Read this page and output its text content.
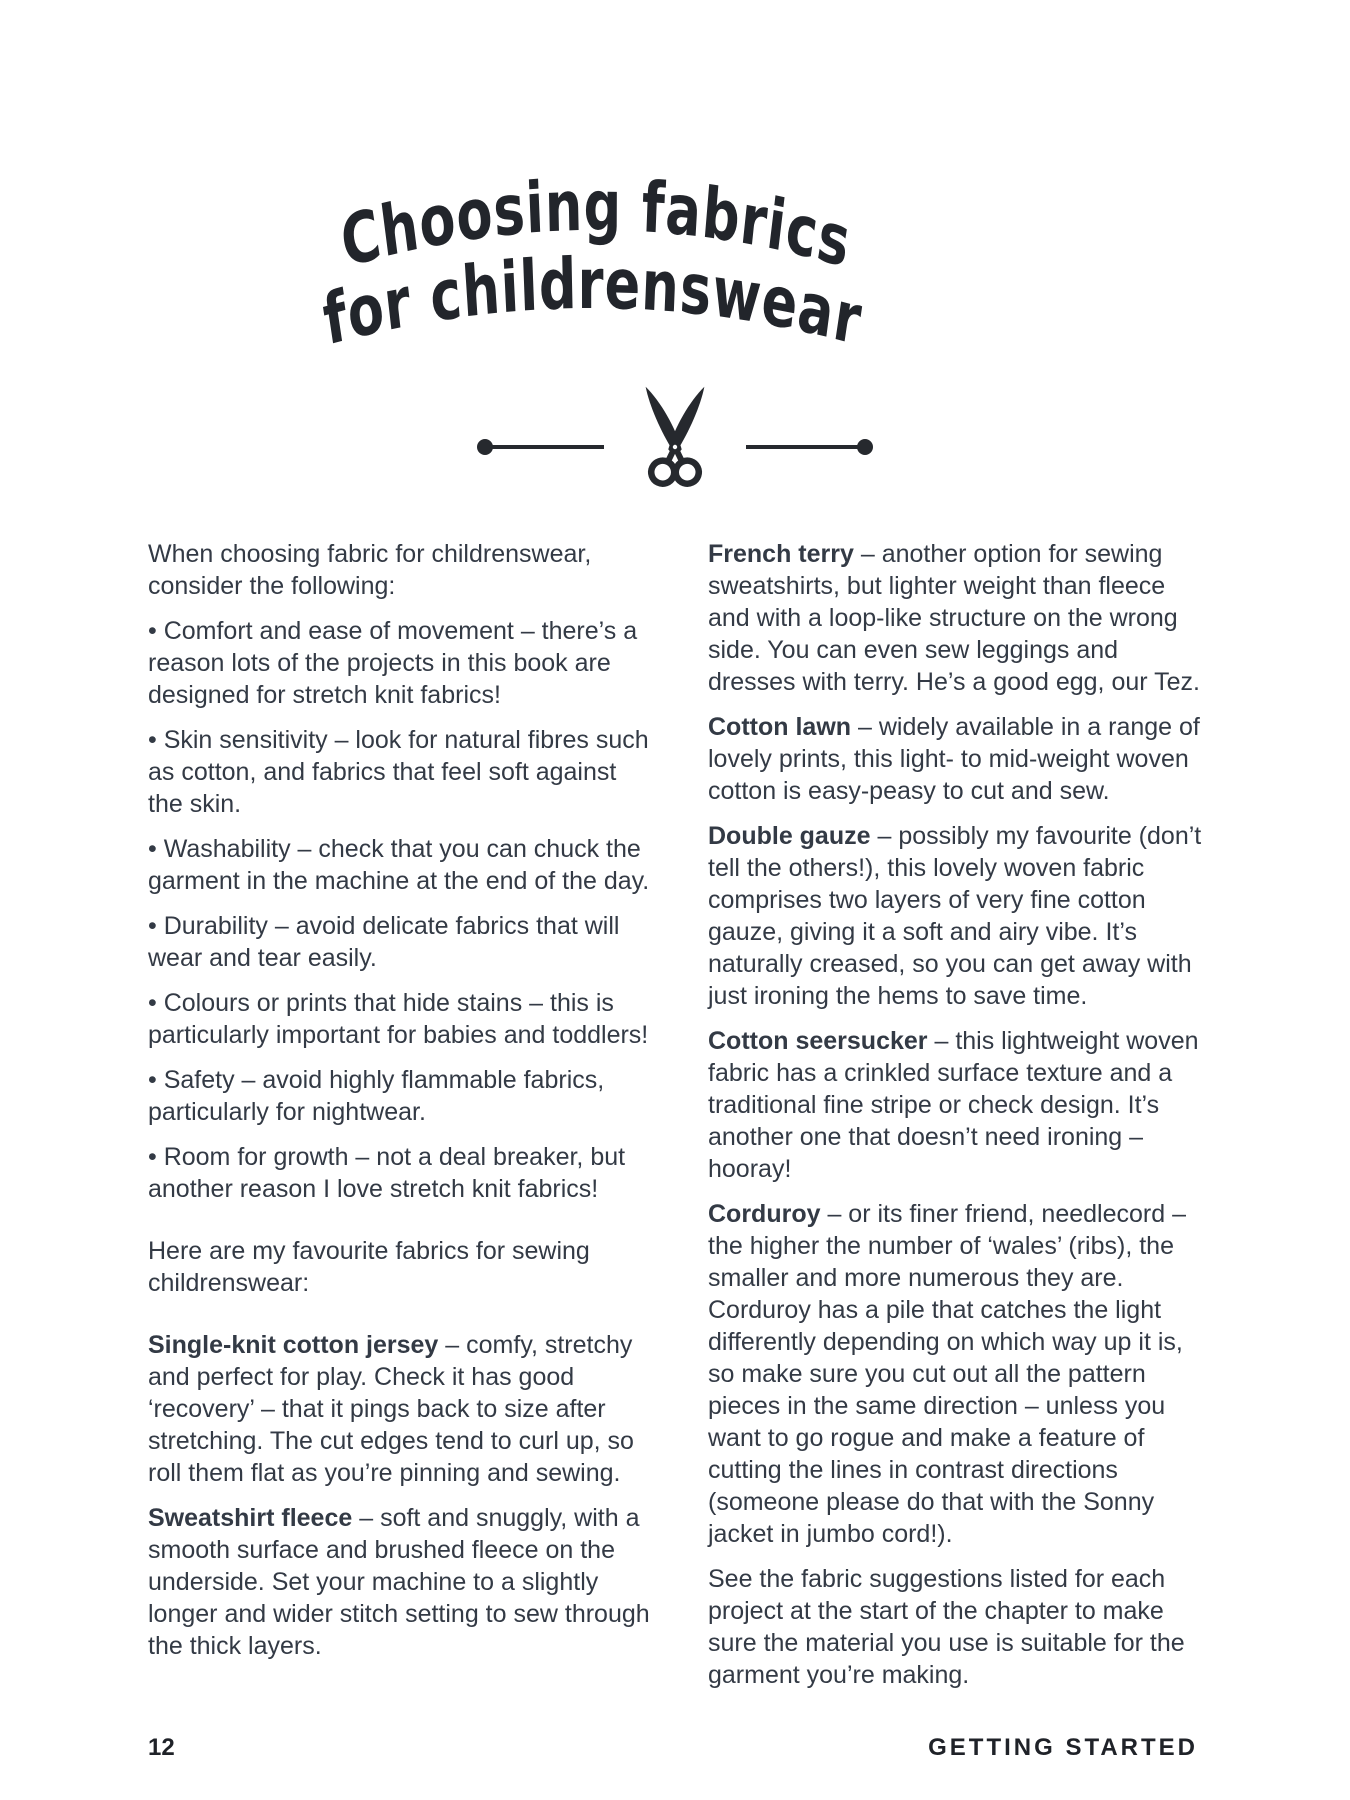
Choosing fabrics
for childrenswear

When choosing fabric for childrenswear, consider the following:

• Comfort and ease of movement – there’s a reason lots of the projects in this book are designed for stretch knit fabrics!

• Skin sensitivity – look for natural fibres such as cotton, and fabrics that feel soft against the skin.

• Washability – check that you can chuck the garment in the machine at the end of the day.

• Durability – avoid delicate fabrics that will wear and tear easily.

• Colours or prints that hide stains – this is particularly important for babies and toddlers!

• Safety – avoid highly flammable fabrics, particularly for nightwear.

• Room for growth – not a deal breaker, but another reason I love stretch knit fabrics!

Here are my favourite fabrics for sewing childrenswear:

Single-knit cotton jersey – comfy, stretchy and perfect for play. Check it has good ‘recovery’ – that it pings back to size after stretching. The cut edges tend to curl up, so roll them flat as you’re pinning and sewing.

Sweatshirt fleece – soft and snuggly, with a smooth surface and brushed fleece on the underside. Set your machine to a slightly longer and wider stitch setting to sew through the thick layers.

French terry – another option for sewing sweatshirts, but lighter weight than fleece and with a loop-like structure on the wrong side. You can even sew leggings and dresses with terry. He’s a good egg, our Tez.

Cotton lawn – widely available in a range of lovely prints, this light- to mid-weight woven cotton is easy-peasy to cut and sew.

Double gauze – possibly my favourite (don’t tell the others!), this lovely woven fabric comprises two layers of very fine cotton gauze, giving it a soft and airy vibe. It’s naturally creased, so you can get away with just ironing the hems to save time.

Cotton seersucker – this lightweight woven fabric has a crinkled surface texture and a traditional fine stripe or check design. It’s another one that doesn’t need ironing – hooray!

Corduroy – or its finer friend, needlecord – the higher the number of ‘wales’ (ribs), the smaller and more numerous they are. Corduroy has a pile that catches the light differently depending on which way up it is, so make sure you cut out all the pattern pieces in the same direction – unless you want to go rogue and make a feature of cutting the lines in contrast directions (someone please do that with the Sonny jacket in jumbo cord!).

See the fabric suggestions listed for each project at the start of the chapter to make sure the material you use is suitable for the garment you’re making.

12	GETTING STARTED
